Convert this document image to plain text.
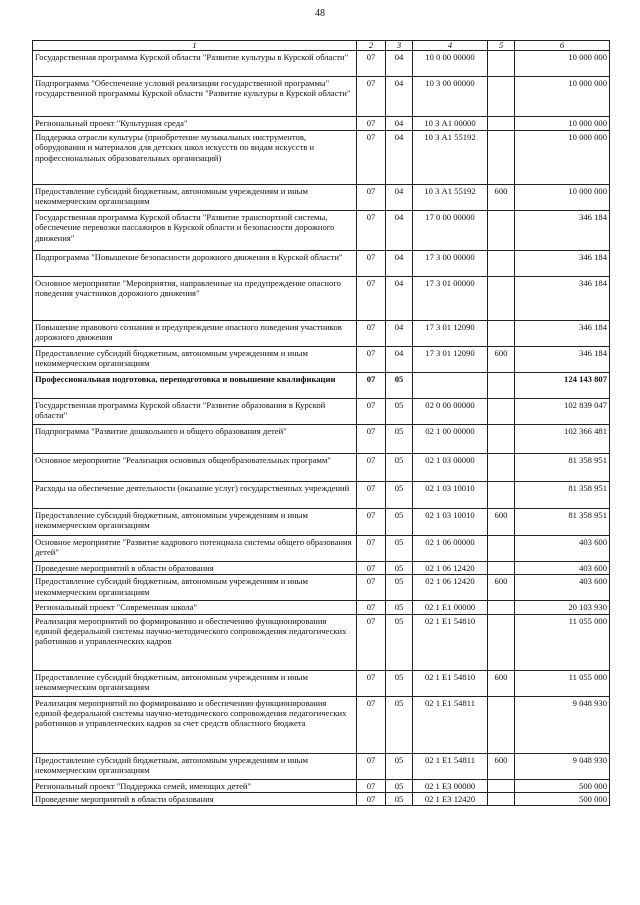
48
1	2	3	4	5	6
Государственная программа Курской области "Развитие культуры в Курской области"	07	04	10 0 00 00000		10 000 000
Подпрограмма "Обеспечение условий реализации государственной программы" государственной программы Курской области "Развитие культуры в Курской области"	07	04	10 3 00 00000		10 000 000
Региональный проект "Культурная среда"	07	04	10 3 А1 00000		10 000 000
Поддержка отрасли культуры (приобретение музыкальных инструментов, оборудования и материалов для детских школ искусств по видам искусств и профессиональных образовательных организаций)	07	04	10 3 А1 55192		10 000 000
Предоставление субсидий бюджетным, автономным учреждениям и иным некоммерческим организациям	07	04	10 3 А1 55192	600	10 000 000
Государственная программа Курской области "Развитие транспортной системы, обеспечение перевозки пассажиров в Курской области и безопасности дорожного движения"	07	04	17 0 00 00000		346 184
Подпрограмма "Повышение безопасности дорожного движения в Курской области"	07	04	17 3 00 00000		346 184
Основное мероприятие "Мероприятия, направленные на предупреждение опасного поведения участников дорожного движения"	07	04	17 3 01 00000		346 184
Повышение правового сознания и предупреждение опасного поведения участников дорожного движения	07	04	17 3 01 12090		346 184
Предоставление субсидий бюджетным, автономным учреждениям и иным некоммерческим организациям	07	04	17 3 01 12090	600	346 184
Профессиональная подготовка, переподготовка и повышение квалификации	07	05			124 143 807
Государственная программа Курской области "Развитие образования в Курской области"	07	05	02 0 00 00000		102 839 047
Подпрограмма "Развитие дошкольного и общего образования детей"	07	05	02 1 00 00000		102 366 481
Основное мероприятие "Реализация основных общеобразовательных программ"	07	05	02 1 03 00000		81 358 951
Расходы на обеспечение деятельности (оказание услуг) государственных учреждений	07	05	02 1 03 10010		81 358 951
Предоставление субсидий бюджетным, автономным учреждениям и иным некоммерческим организациям	07	05	02 1 03 10010	600	81 358 951
Основное мероприятие "Развитие кадрового потенциала системы общего образования детей"	07	05	02 1 06 00000		403 600
Проведение мероприятий в области образования	07	05	02 1 06 12420		403 600
Предоставление субсидий бюджетным, автономным учреждениям и иным некоммерческим организациям	07	05	02 1 06 12420	600	403 600
Региональный проект "Современная школа"	07	05	02 1 Е1 00000		20 103 930
Реализация мероприятий по формированию и обеспечению функционирования единой федеральной системы научно-методического сопровождения педагогических работников и управленческих кадров	07	05	02 1 Е1 54810		11 055 000
Предоставление субсидий бюджетным, автономным учреждениям и иным некоммерческим организациям	07	05	02 1 Е1 54810	600	11 055 000
Реализация мероприятий по формированию и обеспечению функционирования единой федеральной системы научно-методического сопровождения педагогических работников и управленческих кадров за счет средств областного бюджета	07	05	02 1 Е1 54811		9 048 930
Предоставление субсидий бюджетным, автономным учреждениям и иным некоммерческим организациям	07	05	02 1 Е1 54811	600	9 048 930
Региональный проект "Поддержка семей, имеющих детей"	07	05	02 1 Е3 00000		500 000
Проведение мероприятий в области образования	07	05	02 1 Е3 12420		500 000
